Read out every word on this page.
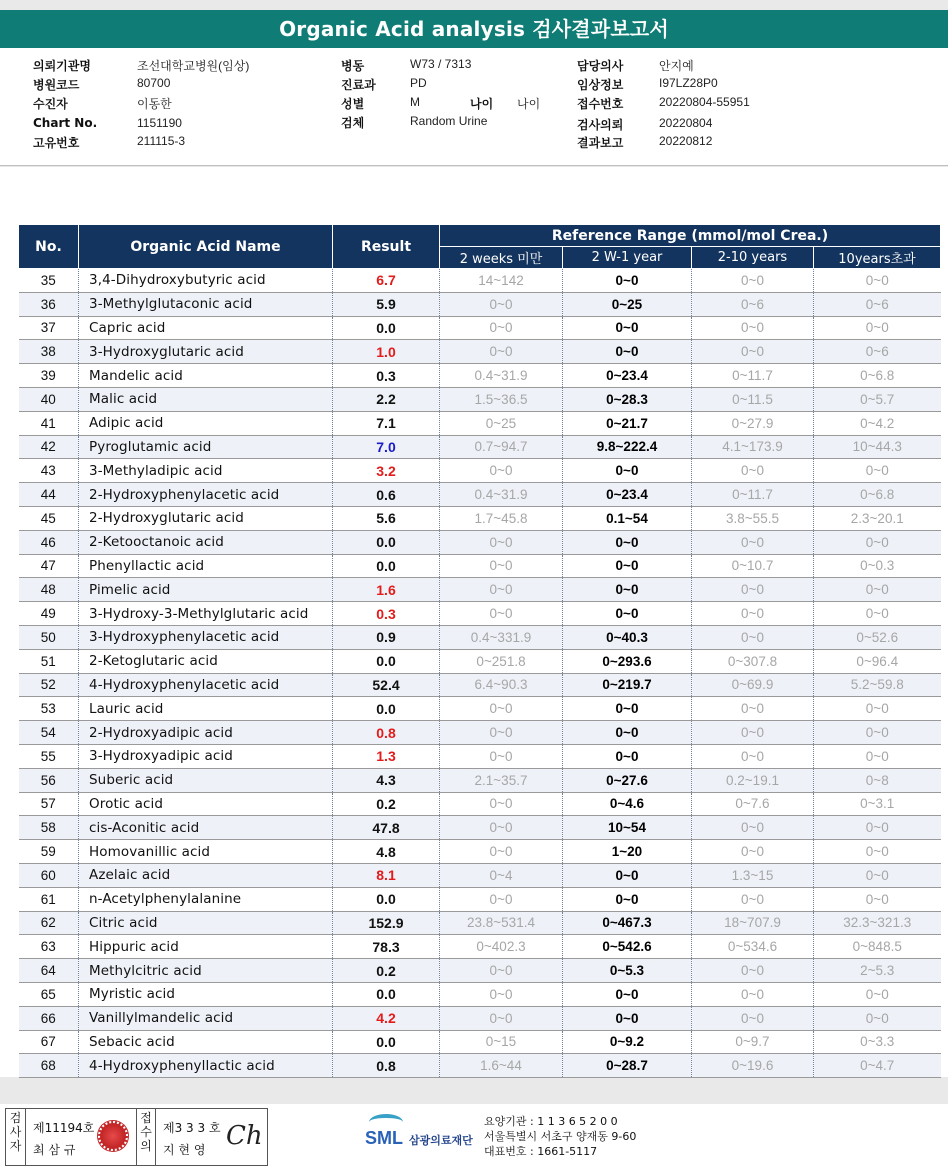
Organic Acid analysis 검사결과보고서
의뢰기관명	조선대학교병원(임상)
병원코드	80700
수진자	이동한
Chart No.	1151190
고유번호	211115-3
병동	W73 / 7313
진료과	PD
성별	M	나이 나이
검체	Random Urine
담당의사	안지예
임상정보	I97LZ28P0
접수번호	20220804-55951
검사의뢰	20220804
결과보고	20220812
No.	Organic Acid Name	Result	Reference Range (mmol/mol Crea.)			
			2 weeks 미만	2 W-1 year	2-10 years	10years초과
35	3,4-Dihydroxybutyric acid	6.7	14~142	0~0	0~0	0~0
36	3-Methylglutaconic acid	5.9	0~0	0~25	0~6	0~6
37	Capric acid	0.0	0~0	0~0	0~0	0~0
38	3-Hydroxyglutaric acid	1.0	0~0	0~0	0~0	0~6
39	Mandelic acid	0.3	0.4~31.9	0~23.4	0~11.7	0~6.8
40	Malic acid	2.2	1.5~36.5	0~28.3	0~11.5	0~5.7
41	Adipic acid	7.1	0~25	0~21.7	0~27.9	0~4.2
42	Pyroglutamic acid	7.0	0.7~94.7	9.8~222.4	4.1~173.9	10~44.3
43	3-Methyladipic acid	3.2	0~0	0~0	0~0	0~0
44	2-Hydroxyphenylacetic acid	0.6	0.4~31.9	0~23.4	0~11.7	0~6.8
45	2-Hydroxyglutaric acid	5.6	1.7~45.8	0.1~54	3.8~55.5	2.3~20.1
46	2-Ketooctanoic acid	0.0	0~0	0~0	0~0	0~0
47	Phenyllactic acid	0.0	0~0	0~0	0~10.7	0~0.3
48	Pimelic acid	1.6	0~0	0~0	0~0	0~0
49	3-Hydroxy-3-Methylglutaric acid	0.3	0~0	0~0	0~0	0~0
50	3-Hydroxyphenylacetic acid	0.9	0.4~331.9	0~40.3	0~0	0~52.6
51	2-Ketoglutaric acid	0.0	0~251.8	0~293.6	0~307.8	0~96.4
52	4-Hydroxyphenylacetic acid	52.4	6.4~90.3	0~219.7	0~69.9	5.2~59.8
53	Lauric acid	0.0	0~0	0~0	0~0	0~0
54	2-Hydroxyadipic acid	0.8	0~0	0~0	0~0	0~0
55	3-Hydroxyadipic acid	1.3	0~0	0~0	0~0	0~0
56	Suberic acid	4.3	2.1~35.7	0~27.6	0.2~19.1	0~8
57	Orotic acid	0.2	0~0	0~4.6	0~7.6	0~3.1
58	cis-Aconitic acid	47.8	0~0	10~54	0~0	0~0
59	Homovanillic acid	4.8	0~0	1~20	0~0	0~0
60	Azelaic acid	8.1	0~4	0~0	1.3~15	0~0
61	n-Acetylphenylalanine	0.0	0~0	0~0	0~0	0~0
62	Citric acid	152.9	23.8~531.4	0~467.3	18~707.9	32.3~321.3
63	Hippuric acid	78.3	0~402.3	0~542.6	0~534.6	0~848.5
64	Methylcitric acid	0.2	0~0	0~5.3	0~0	2~5.3
65	Myristic acid	0.0	0~0	0~0	0~0	0~0
66	Vanillylmandelic acid	4.2	0~0	0~0	0~0	0~0
67	Sebacic acid	0.0	0~15	0~9.2	0~9.7	0~3.3
68	4-Hydroxyphenyllactic acid	0.8	1.6~44	0~28.7	0~19.6	0~4.7
검
사
자
제11194호
최 삼 규
접
수
의
제3 3 3 호
지 현 영 Ch	SML 삼광의료재단
요양기관 : 1 1 3 6 5 2 0 0
서울특별시 서초구 양재동 9-60
대표번호 : 1661-5117
